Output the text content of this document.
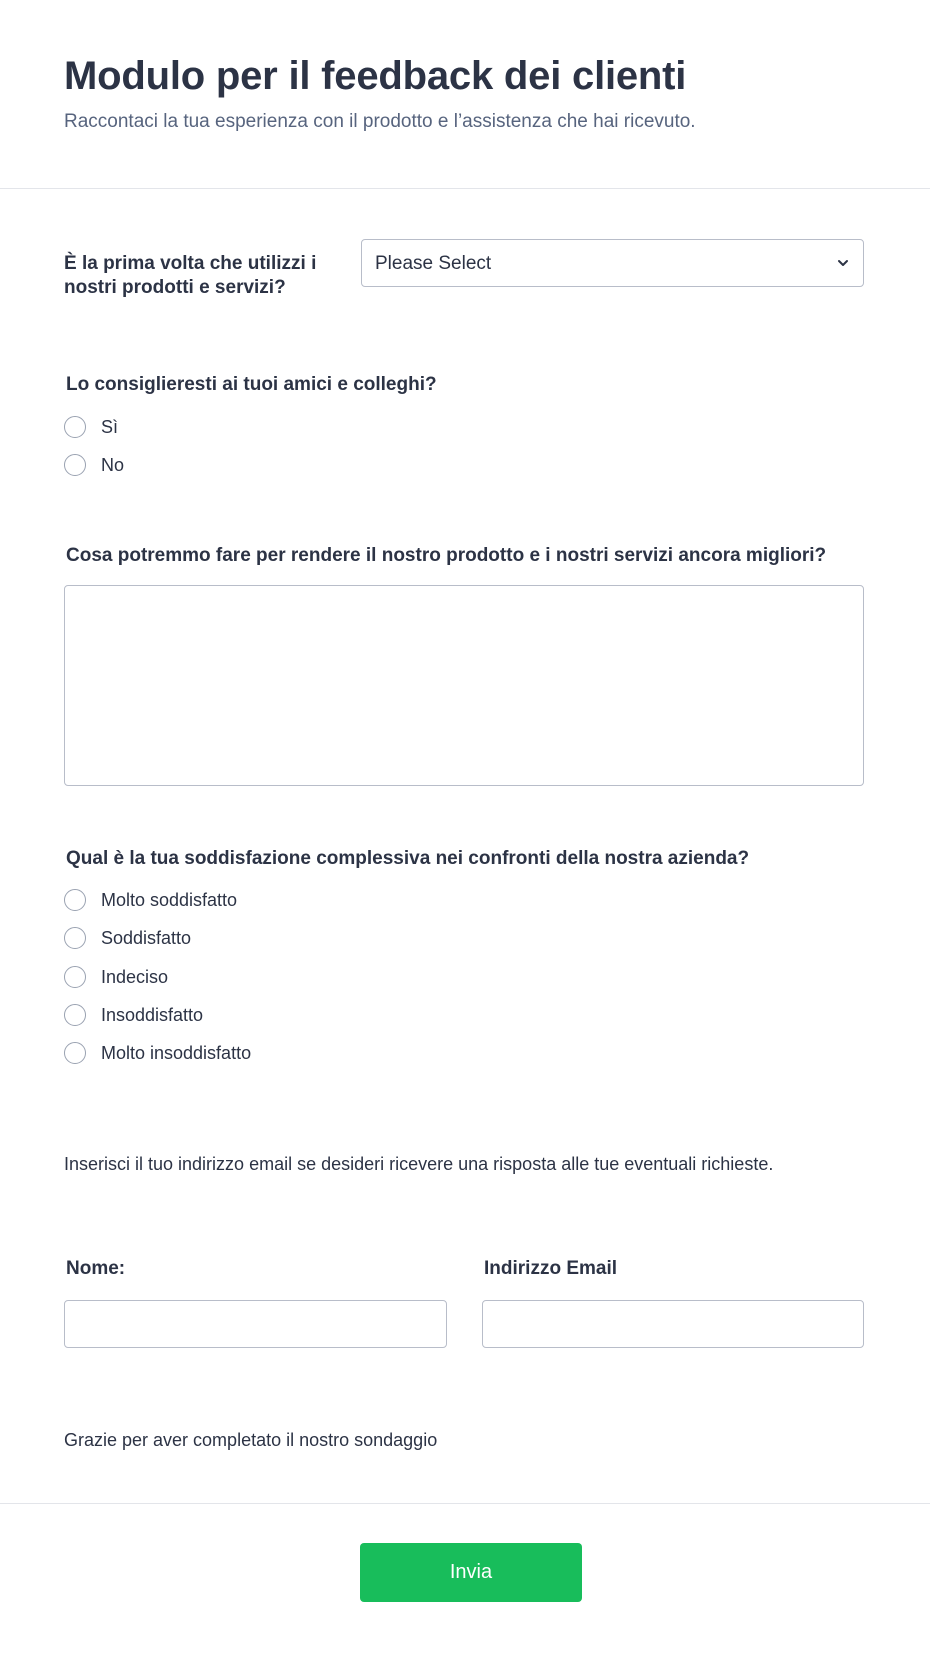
Modulo per il feedback dei clienti
Raccontaci la tua esperienza con il prodotto e l’assistenza che hai ricevuto.
È la prima volta che utilizzi i
nostri prodotti e servizi?
Please Select
Lo consiglieresti ai tuoi amici e colleghi?
Sì
No
Cosa potremmo fare per rendere il nostro prodotto e i nostri servizi ancora migliori?
Qual è la tua soddisfazione complessiva nei confronti della nostra azienda?
Molto soddisfatto
Soddisfatto
Indeciso
Insoddisfatto
Molto insoddisfatto
Inserisci il tuo indirizzo email se desideri ricevere una risposta alle tue eventuali richieste.
Nome:	Indirizzo Email
Grazie per aver completato il nostro sondaggio
Invia
